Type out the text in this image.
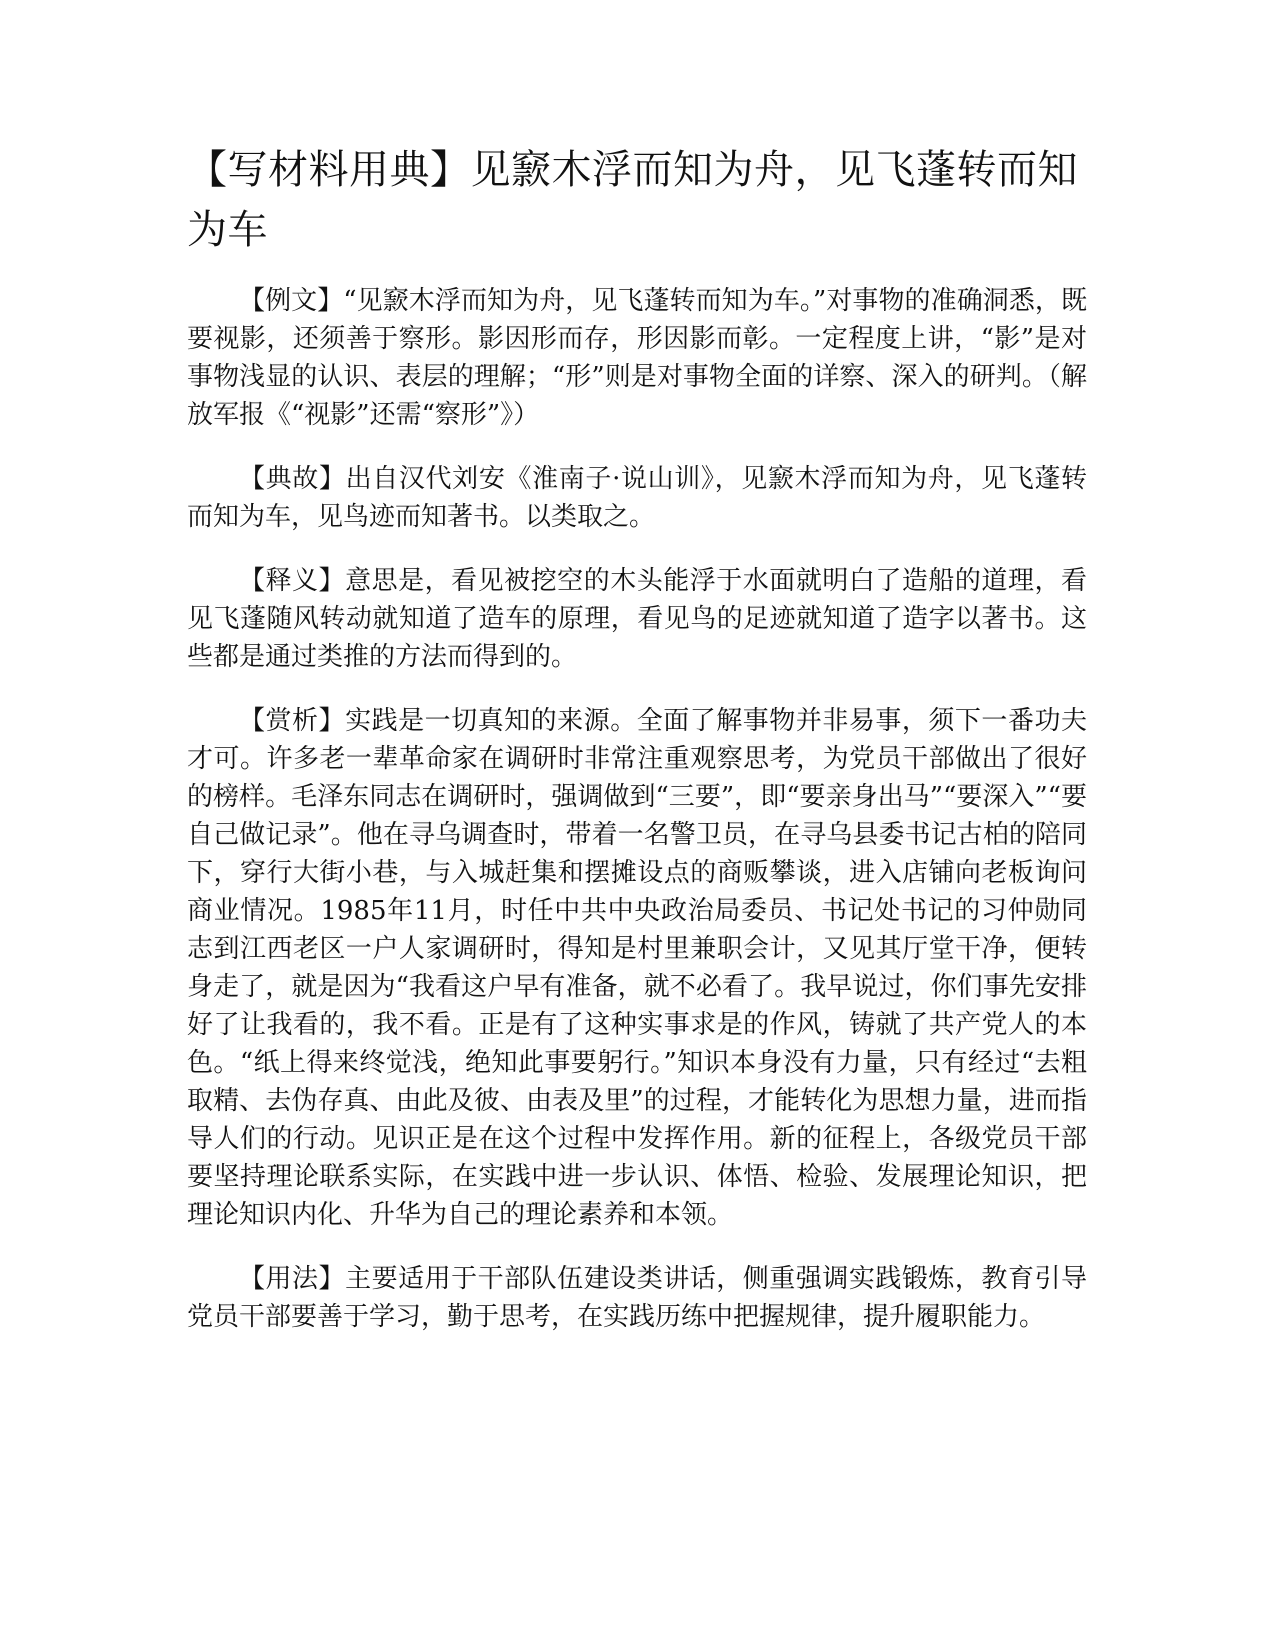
【写材料用典】见窾木浮而知为舟，见飞蓬转而知为车

【例文】“见窾木浮而知为舟，见飞蓬转而知为车。”对事物的准确洞悉，既要视影，还须善于察形。影因形而存，形因影而彰。一定程度上讲，“影”是对事物浅显的认识、表层的理解；“形”则是对事物全面的详察、深入的研判。（解放军报《“视影”还需“察形”》）

【典故】出自汉代刘安《淮南子·说山训》，见窾木浮而知为舟，见飞蓬转而知为车，见鸟迹而知著书。以类取之。

【释义】意思是，看见被挖空的木头能浮于水面就明白了造船的道理，看见飞蓬随风转动就知道了造车的原理，看见鸟的足迹就知道了造字以著书。这些都是通过类推的方法而得到的。

【赏析】实践是一切真知的来源。全面了解事物并非易事，须下一番功夫才可。许多老一辈革命家在调研时非常注重观察思考，为党员干部做出了很好的榜样。毛泽东同志在调研时，强调做到“三要”，即“要亲身出马”“要深入”“要自己做记录”。他在寻乌调查时，带着一名警卫员，在寻乌县委书记古柏的陪同下，穿行大街小巷，与入城赶集和摆摊设点的商贩攀谈，进入店铺向老板询问商业情况。1985年11月，时任中共中央政治局委员、书记处书记的习仲勋同志到江西老区一户人家调研时，得知是村里兼职会计，又见其厅堂干净，便转身走了，就是因为“我看这户早有准备，就不必看了。我早说过，你们事先安排好了让我看的，我不看。正是有了这种实事求是的作风，铸就了共产党人的本色。“纸上得来终觉浅，绝知此事要躬行。”知识本身没有力量，只有经过“去粗取精、去伪存真、由此及彼、由表及里”的过程，才能转化为思想力量，进而指导人们的行动。见识正是在这个过程中发挥作用。新的征程上，各级党员干部要坚持理论联系实际，在实践中进一步认识、体悟、检验、发展理论知识，把理论知识内化、升华为自己的理论素养和本领。

【用法】主要适用于干部队伍建设类讲话，侧重强调实践锻炼，教育引导党员干部要善于学习，勤于思考，在实践历练中把握规律，提升履职能力。
